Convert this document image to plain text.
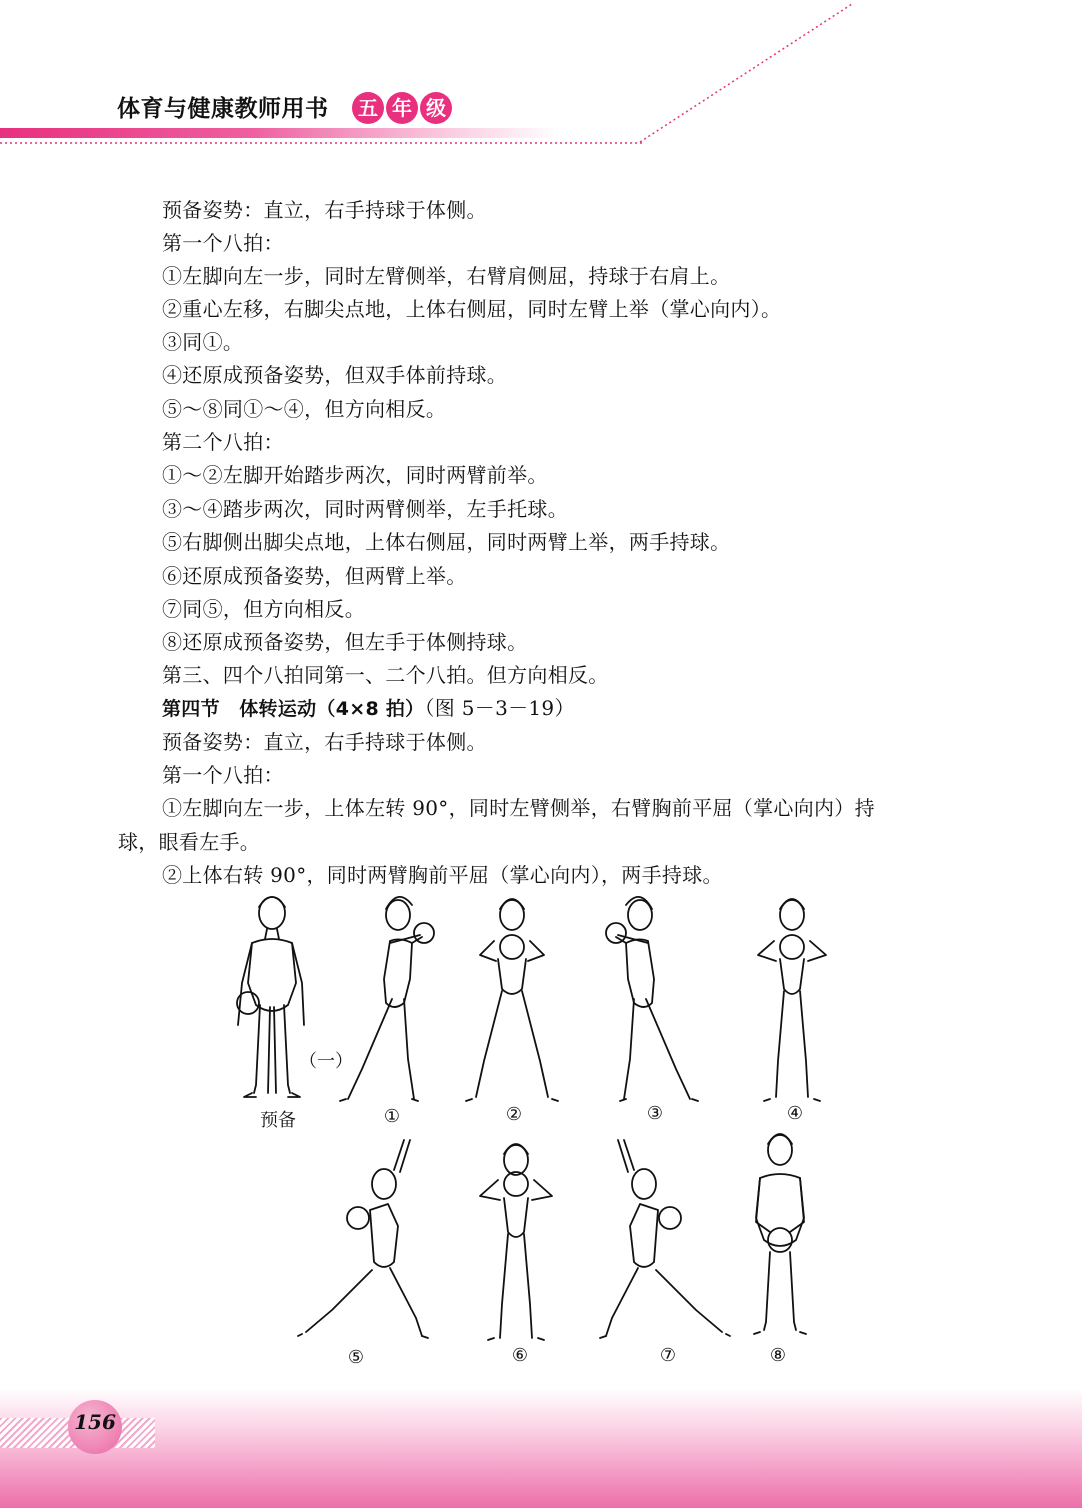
体育与健康教师用书	五 年 级
预备姿势：直立，右手持球于体侧。
第一个八拍：
①左脚向左一步，同时左臂侧举，右臂肩侧屈，持球于右肩上。
②重心左移，右脚尖点地，上体右侧屈，同时左臂上举（掌心向内）。
③同①。
④还原成预备姿势，但双手体前持球。
⑤～⑧同①～④，但方向相反。
第二个八拍：
①～②左脚开始踏步两次，同时两臂前举。
③～④踏步两次，同时两臂侧举，左手托球。
⑤右脚侧出脚尖点地，上体右侧屈，同时两臂上举，两手持球。
⑥还原成预备姿势，但两臂上举。
⑦同⑤，但方向相反。
⑧还原成预备姿势，但左手于体侧持球。
第三、四个八拍同第一、二个八拍。但方向相反。
第四节　体转运动（4×8 拍）（图 5－3－19）
预备姿势：直立，右手持球于体侧。
第一个八拍：
①左脚向左一步，上体左转 90°，同时左臂侧举，右臂胸前平屈（掌心向内）持
球，眼看左手。
②上体右转 90°，同时两臂胸前平屈（掌心向内），两手持球。
（一）
预备	①	②	③	④
⑤	⑥	⑦	⑧
156
